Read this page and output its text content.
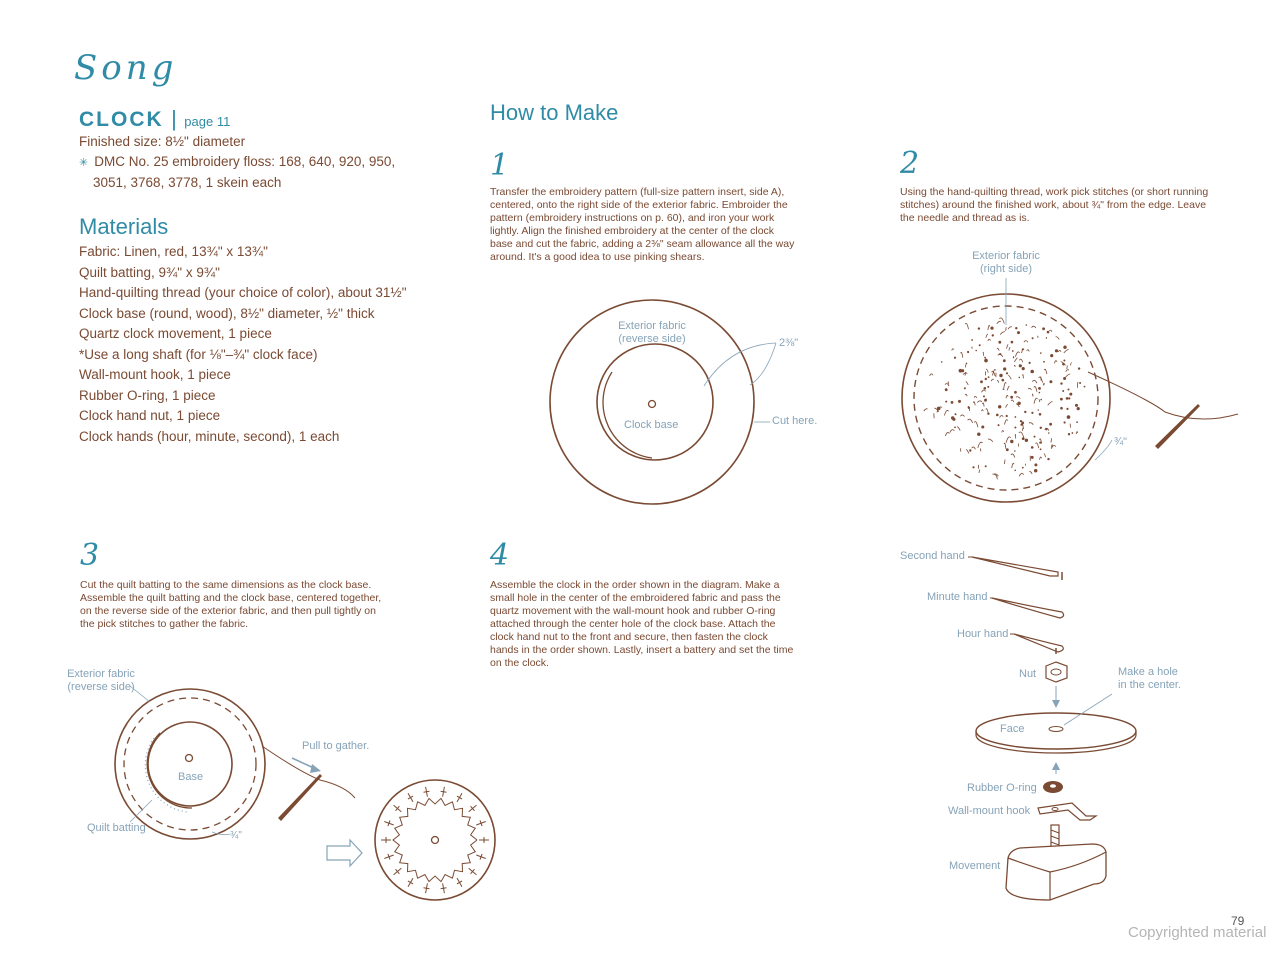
Song
CLOCK | page 11
Finished size: 8½" diameter
✳ DMC No. 25 embroidery floss: 168, 640, 920, 950,
3051, 3768, 3778, 1 skein each
Materials

Fabric: Linen, red, 13¾" x 13¾"

Quilt batting, 9¾" x 9¾"

Hand-quilting thread (your choice of color), about 31½"

Clock base (round, wood), 8½" diameter, ½" thick

Quartz clock movement, 1 piece

*Use a long shaft (for ⅛"–¾" clock face)

Wall-mount hook, 1 piece

Rubber O-ring, 1 piece

Clock hand nut, 1 piece

Clock hands (hour, minute, second), 1 each

How to Make
1
Transfer the embroidery pattern (full-size pattern insert, side A),
centered, onto the right side of the exterior fabric. Embroider the
pattern (embroidery instructions on p. 60), and iron your work
lightly. Align the finished embroidery at the center of the clock
base and cut the fabric, adding a 2⅜" seam allowance all the way
around. It's a good idea to use pinking shears.
2
Using the hand-quilting thread, work pick stitches (or short running
stitches) around the finished work, about ¾" from the edge. Leave
the needle and thread as is.
3
Cut the quilt batting to the same dimensions as the clock base.
Assemble the quilt batting and the clock base, centered together,
on the reverse side of the exterior fabric, and then pull tightly on
the pick stitches to gather the fabric.
4
Assemble the clock in the order shown in the diagram. Make a
small hole in the center of the embroidered fabric and pass the
quartz movement with the wall-mount hook and rubber O-ring
attached through the center hole of the clock base. Attach the
clock hand nut to the front and secure, then fasten the clock
hands in the order shown. Lastly, insert a battery and set the time
on the clock.
Exterior fabric
(reverse side)	2⅜"
Clock base	Cut here.
Exterior fabric
(right side)
¾"
Exterior fabric
(reverse side)
Pull to gather.
Base
Quilt batting
¾"
Second hand
Minute hand
Hour hand
Nut	Make a hole
in the center.
Face
Rubber O-ring
Wall-mount hook
Movement
79
Copyrighted material
